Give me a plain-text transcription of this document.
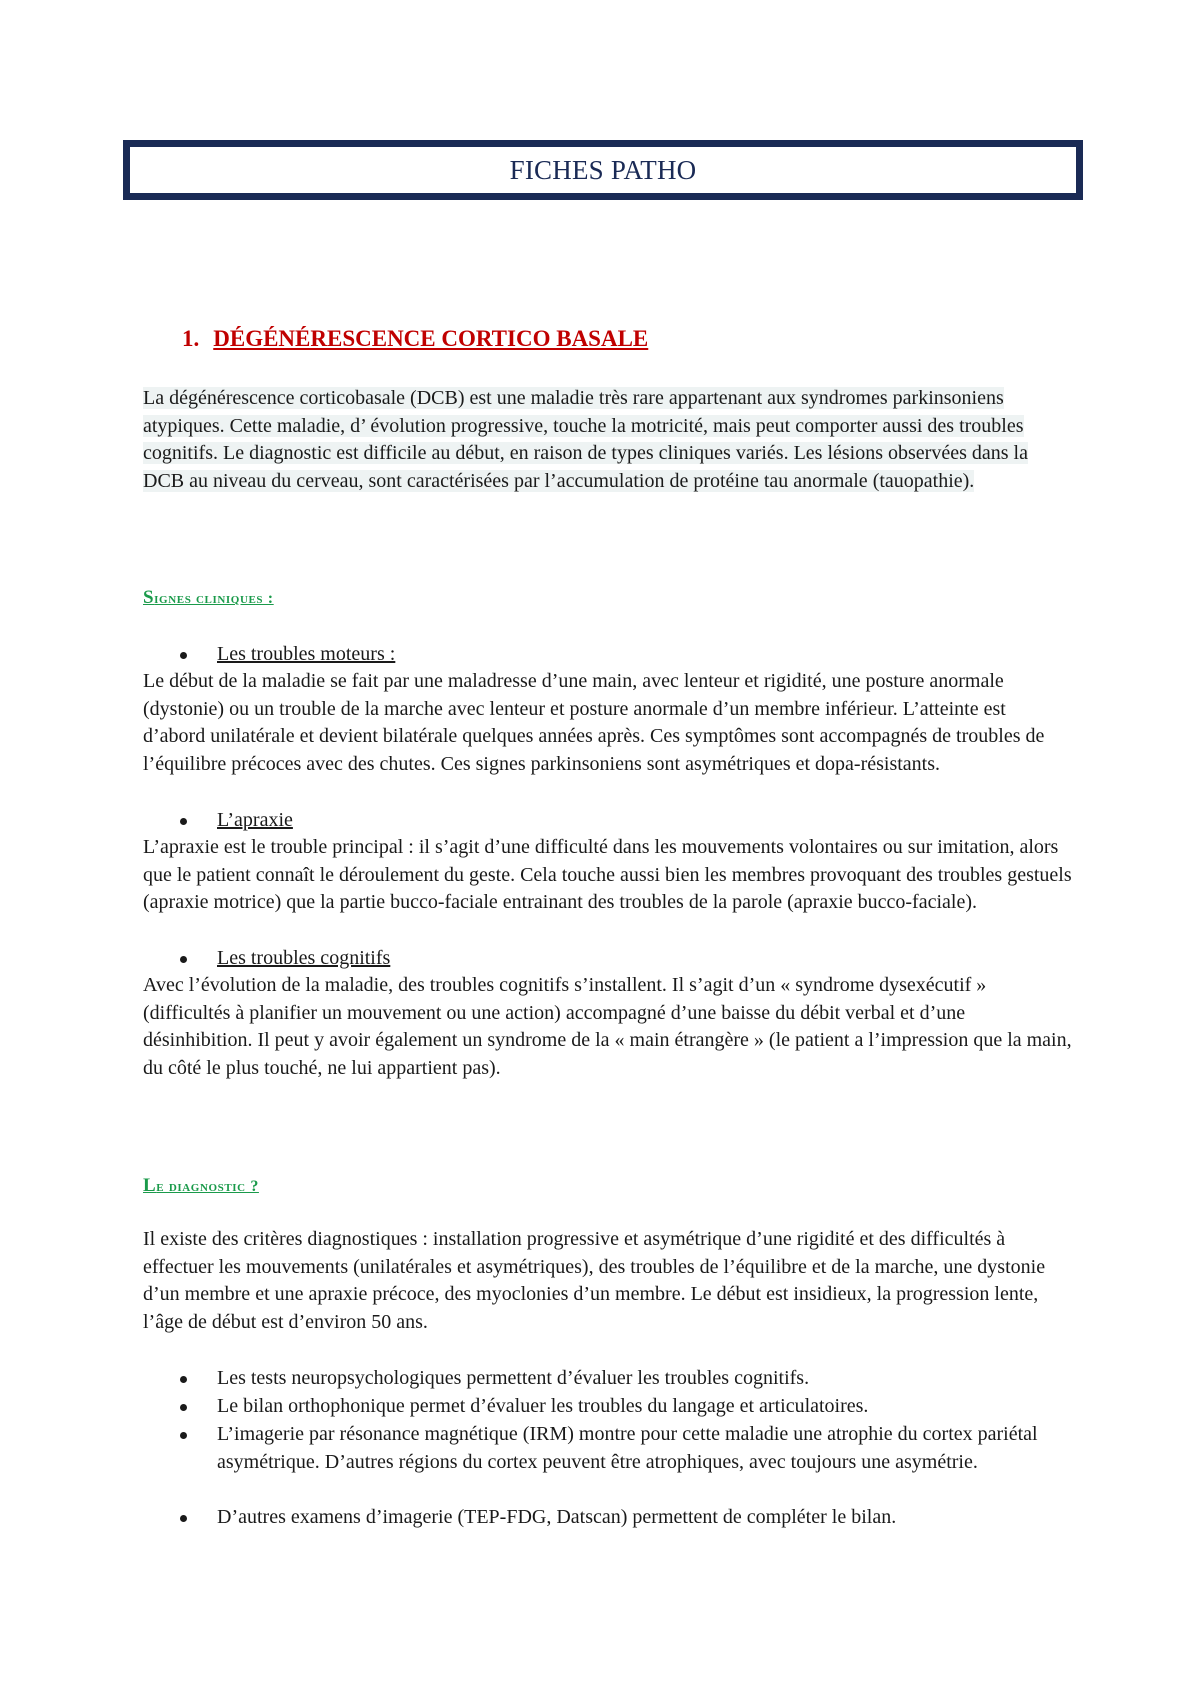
FICHES PATHO
1. DÉGÉNÉRESCENCE CORTICO BASALE
La dégénérescence corticobasale (DCB) est une maladie très rare appartenant aux syndromes parkinsoniens atypiques. Cette maladie, d’ évolution progressive, touche la motricité, mais peut comporter aussi des troubles cognitifs. Le diagnostic est difficile au début, en raison de types cliniques variés. Les lésions observées dans la DCB au niveau du cerveau, sont caractérisées par l’accumulation de protéine tau anormale (tauopathie).
Signes cliniques :
Les troubles moteurs :
Le début de la maladie se fait par une maladresse d’une main, avec lenteur et rigidité, une posture anormale (dystonie) ou un trouble de la marche avec lenteur et posture anormale d’un membre inférieur. L’atteinte est d’abord unilatérale et devient bilatérale quelques années après. Ces symptômes sont accompagnés de troubles de l’équilibre précoces avec des chutes. Ces signes parkinsoniens sont asymétriques et dopa-résistants.
L’apraxie
L’apraxie est le trouble principal : il s’agit d’une difficulté dans les mouvements volontaires ou sur imitation, alors que le patient connaît le déroulement du geste. Cela touche aussi bien les membres provoquant des troubles gestuels (apraxie motrice) que la partie bucco-faciale entrainant des troubles de la parole (apraxie bucco-faciale).
Les troubles cognitifs
Avec l’évolution de la maladie, des troubles cognitifs s’installent. Il s’agit d’un « syndrome dysexécutif » (difficultés à planifier un mouvement ou une action) accompagné d’une baisse du débit verbal et d’une désinhibition. Il peut y avoir également un syndrome de la « main étrangère » (le patient a l’impression que la main, du côté le plus touché, ne lui appartient pas).
Le diagnostic ?
Il existe des critères diagnostiques : installation progressive et asymétrique d’une rigidité et des difficultés à effectuer les mouvements (unilatérales et asymétriques), des troubles de l’équilibre et de la marche, une dystonie d’un membre et une apraxie précoce, des myoclonies d’un membre. Le début est insidieux, la progression lente, l’âge de début est d’environ 50 ans.
Les tests neuropsychologiques permettent d’évaluer les troubles cognitifs.
Le bilan orthophonique permet d’évaluer les troubles du langage et articulatoires.
L’imagerie par résonance magnétique (IRM) montre pour cette maladie une atrophie du cortex pariétal asymétrique. D’autres régions du cortex peuvent être atrophiques, avec toujours une asymétrie.
D’autres examens d’imagerie (TEP-FDG, Datscan) permettent de compléter le bilan.
